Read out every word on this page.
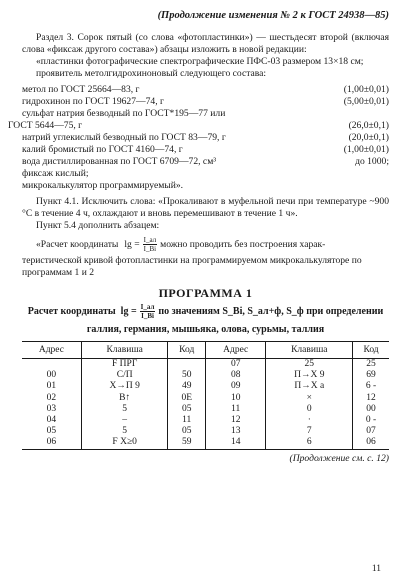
(Продолжение изменения № 2 к ГОСТ 24938—85)

Раздел 3. Сорок пятый (со слова «фотопластинки») — шестьдесят второй (включая слова «фиксаж другого состава») абзацы изложить в новой редакции:

«пластинки фотографические спектрографические ПФС-03 размером 13×18 см;

проявитель метолгидрохиноновый следующего состава:

метол по ГОСТ 25664—83, г	(1,00±0,01)
гидрохинон по ГОСТ 19627—74, г	(5,00±0,01)
сульфат натрия безводный по ГОСТ*195—77 или
ГОСТ 5644—75, г	(26,0±0,1)
натрий углекислый безводный по ГОСТ 83—79, г	(20,0±0,1)
калий бромистый по ГОСТ 4160—74, г	(1,00±0,01)
вода дистиллированная по ГОСТ 6709—72, см³	до 1000;

фиксаж кислый;

микрокалькулятор программируемый».

Пункт 4.1. Исключить слова: «Прокаливают в муфельной печи при температуре ~900 °С в течение 4 ч, охлаждают и вновь перемешивают в течение 1 ч».

Пункт 5.4 дополнить абзацем:

«Расчет координаты $\lg = \frac{I\_ал}{I\_Bi}$ можно проводить без построения харак-

теристической кривой фотопластинки на программируемом микрокалькуляторе по программам 1 и 2

ПРОГРАММА 1
Расчет координаты $\lg = \frac{I\_ал}{I\_Bi}$ по значениям S_Bi, S_ал+ф, S_ф при определении
галлия, германия, мышьяка, олова, сурьмы, таллия
Адрес	Клавиша	Код	Адрес	Клавиша	Код
	F ПРГ		07	25	25
00	С/П	50	08	П→Х 9	69
01	Х→П 9	49	09	П→Х а	6 -
02	В↑	0Е	10	×	12
03	5	05	11	0	00
04	–	11	12	·	0 -
05	5	05	13	7	07
06	F Х≥0	59	14	6	06
(Продолжение см. с. 12)
11
